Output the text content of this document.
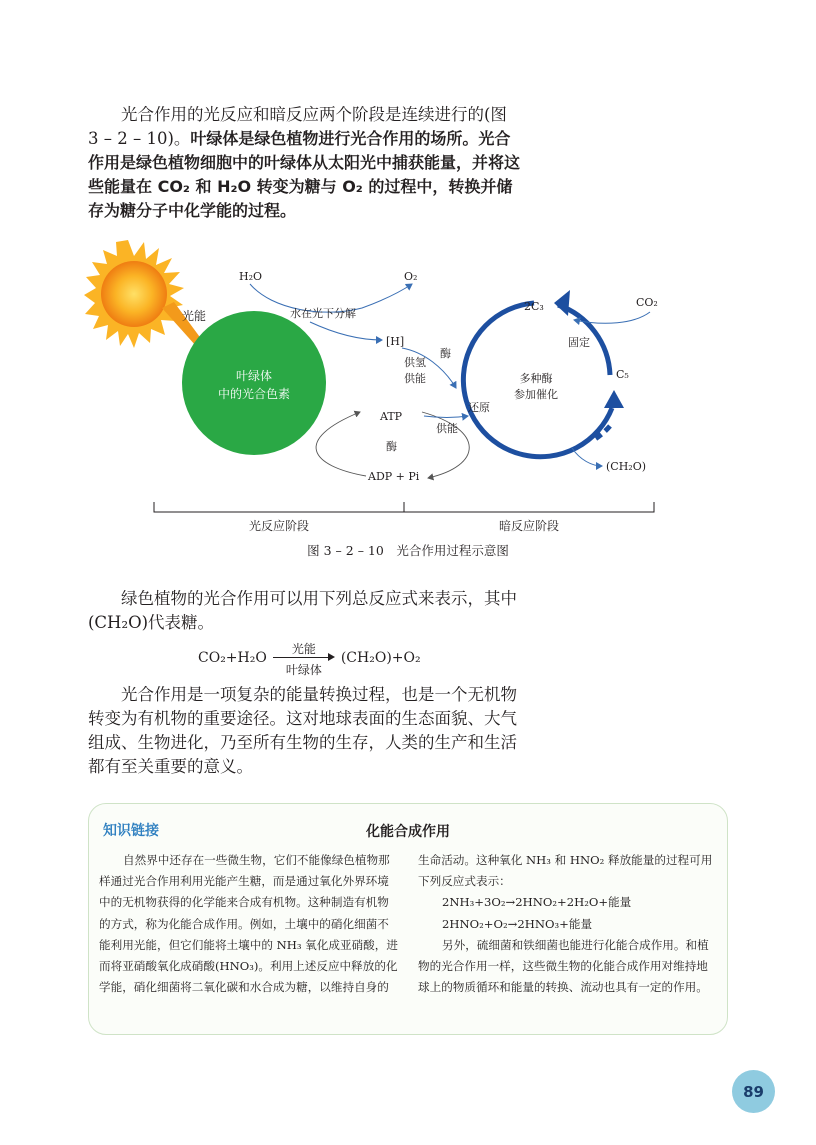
光合作用的光反应和暗反应两个阶段是连续进行的(图 3 – 2 – 10)。叶绿体是绿色植物进行光合作用的场所。光合作用是绿色植物细胞中的叶绿体从太阳光中捕获能量，并将这些能量在 CO₂ 和 H₂O 转变为糖与 O₂ 的过程中，转换并储存为糖分子中化学能的过程。

叶绿体
中的光合色素
光能
H₂O	O₂
水在光下分解
[H]
酶
供氢
供能
ATP
酶
ADP + Pi
供能
2C₃	CO₂
固定
C₅
多种酶
参加催化
还原
(CH₂O)
光反应阶段	暗反应阶段
图 3 – 2 – 10　光合作用过程示意图

绿色植物的光合作用可以用下列总反应式来表示，其中(CH₂O)代表糖。

CO₂+H₂O
光能
叶绿体
(CH₂O)+O₂

光合作用是一项复杂的能量转换过程，也是一个无机物转变为有机物的重要途径。这对地球表面的生态面貌、大气组成、生物进化，乃至所有生物的生存，人类的生产和生活都有至关重要的意义。

知识链接	化能合成作用
自然界中还存在一些微生物，它们不能像绿色植物那样通过光合作用利用光能产生糖，而是通过氧化外界环境中的无机物获得的化学能来合成有机物。这种制造有机物的方式，称为化能合成作用。例如，土壤中的硝化细菌不能利用光能，但它们能将土壤中的 NH₃ 氧化成亚硝酸，进而将亚硝酸氧化成硝酸(HNO₃)。利用上述反应中释放的化学能，硝化细菌将二氧化碳和水合成为糖，以维持自身的
生命活动。这种氧化 NH₃ 和 HNO₂ 释放能量的过程可用下列反应式表示：
2NH₃+3O₂→2HNO₂+2H₂O+能量
2HNO₂+O₂→2HNO₃+能量
另外，硫细菌和铁细菌也能进行化能合成作用。和植物的光合作用一样，这些微生物的化能合成作用对维持地球上的物质循环和能量的转换、流动也具有一定的作用。
89
